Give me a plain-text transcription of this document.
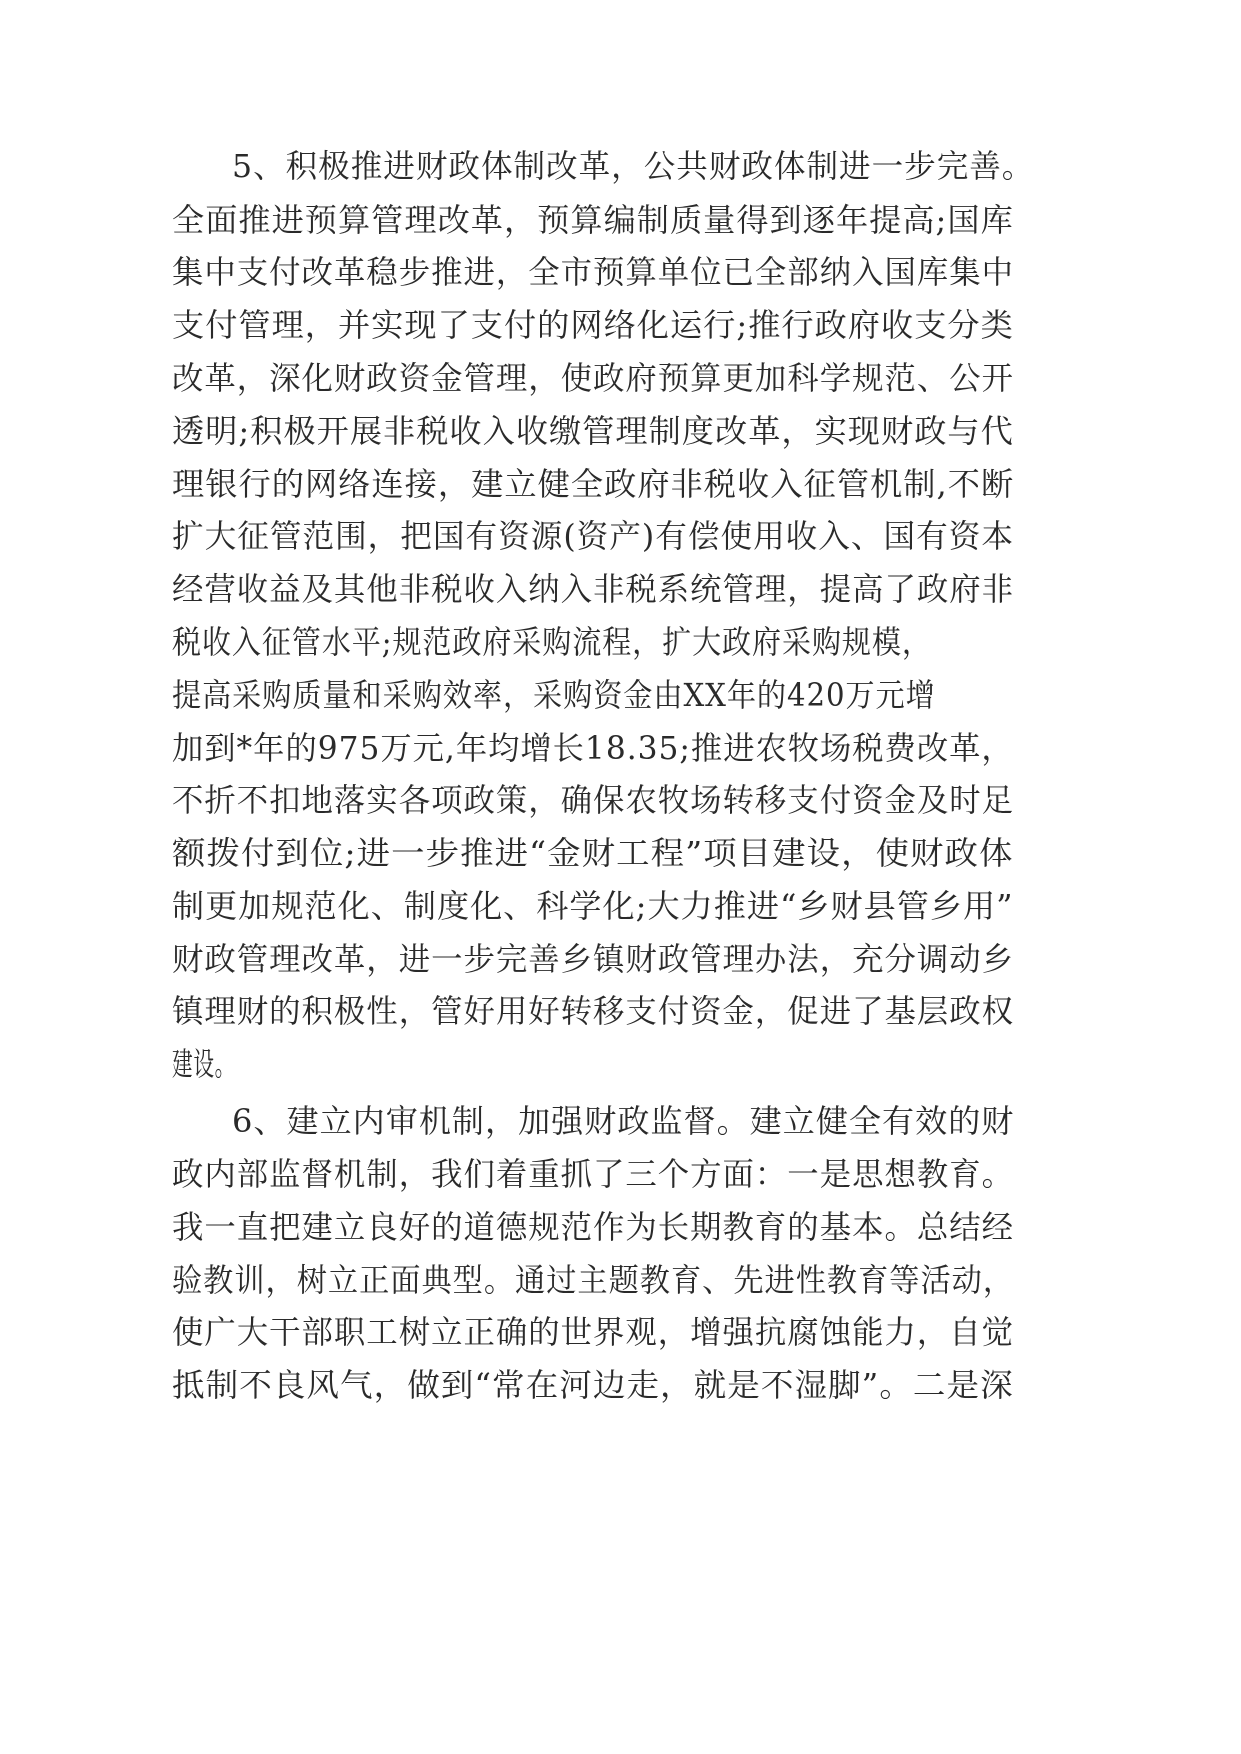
5、积极推进财政体制改革，公共财政体制进一步完善。
全面推进预算管理改革，预算编制质量得到逐年提高;国库
集中支付改革稳步推进，全市预算单位已全部纳入国库集中
支付管理，并实现了支付的网络化运行;推行政府收支分类
改革，深化财政资金管理，使政府预算更加科学规范、公开
透明;积极开展非税收入收缴管理制度改革，实现财政与代
理银行的网络连接，建立健全政府非税收入征管机制,不断
扩大征管范围，把国有资源(资产)有偿使用收入、国有资本
经营收益及其他非税收入纳入非税系统管理，提高了政府非
税收入征管水平;规范政府采购流程，扩大政府采购规模，
提高采购质量和采购效率，采购资金由XX年的420万元增
加到*年的975万元,年均增长18.35;推进农牧场税费改革，
不折不扣地落实各项政策，确保农牧场转移支付资金及时足
额拨付到位;进一步推进“金财工程”项目建设，使财政体
制更加规范化、制度化、科学化;大力推进“乡财县管乡用”
财政管理改革，进一步完善乡镇财政管理办法，充分调动乡
镇理财的积极性，管好用好转移支付资金，促进了基层政权
建设。
6、建立内审机制，加强财政监督。建立健全有效的财
政内部监督机制，我们着重抓了三个方面：一是思想教育。
我一直把建立良好的道德规范作为长期教育的基本。总结经
验教训，树立正面典型。通过主题教育、先进性教育等活动，
使广大干部职工树立正确的世界观，增强抗腐蚀能力，自觉
抵制不良风气，做到“常在河边走，就是不湿脚”。二是深
